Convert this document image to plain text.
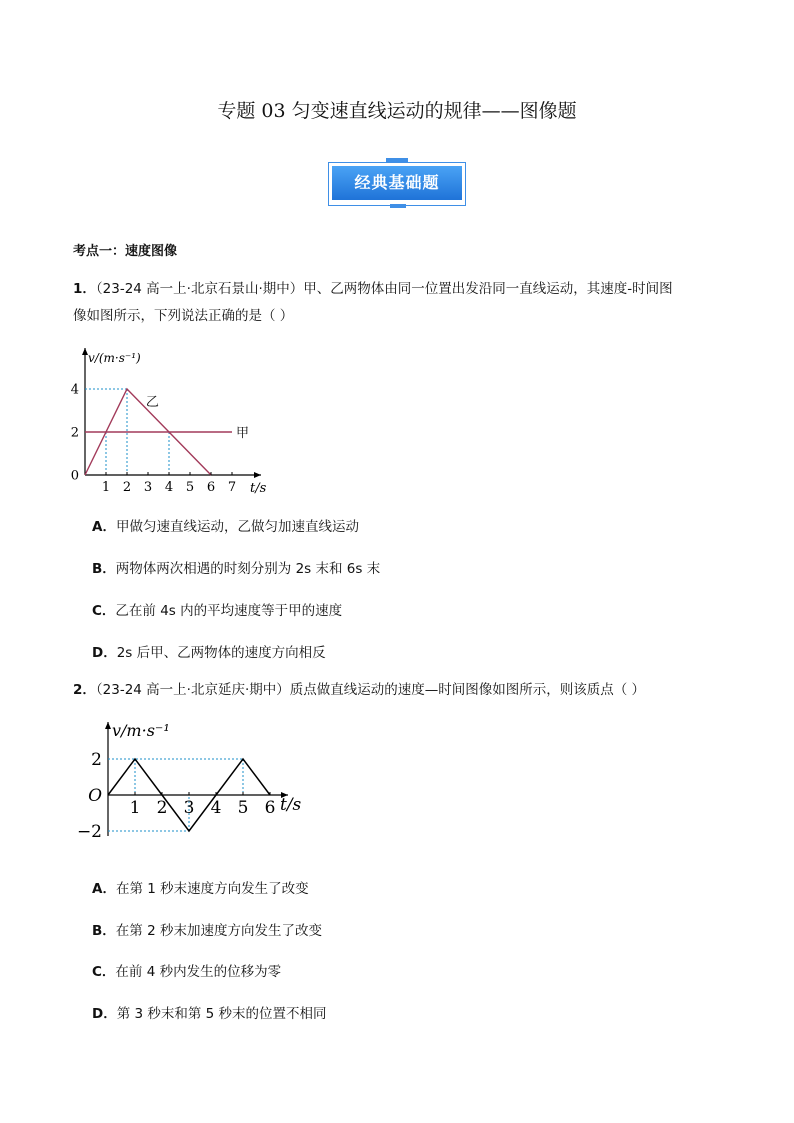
专题 03 匀变速直线运动的规律——图像题
经典基础题
考点一：速度图像
1．（23-24 高一上·北京石景山·期中）甲、乙两物体由同一位置出发沿同一直线运动，其速度-时间图
像如图所示，下列说法正确的是（ ）
甲
乙
1 2 3 4 5 6 7
4
2
0
v/(m·s⁻¹)
t/s
A．甲做匀速直线运动，乙做匀加速直线运动
B．两物体两次相遇的时刻分别为 2s 末和 6s 末
C．乙在前 4s 内的平均速度等于甲的速度
D．2s 后甲、乙两物体的速度方向相反
2．（23-24 高一上·北京延庆·期中）质点做直线运动的速度—时间图像如图所示，则该质点（ ）
1 2 3 4 5 6
2
−2
O
v/m·s⁻¹
t/s
A．在第 1 秒末速度方向发生了改变
B．在第 2 秒末加速度方向发生了改变
C．在前 4 秒内发生的位移为零
D．第 3 秒末和第 5 秒末的位置不相同
